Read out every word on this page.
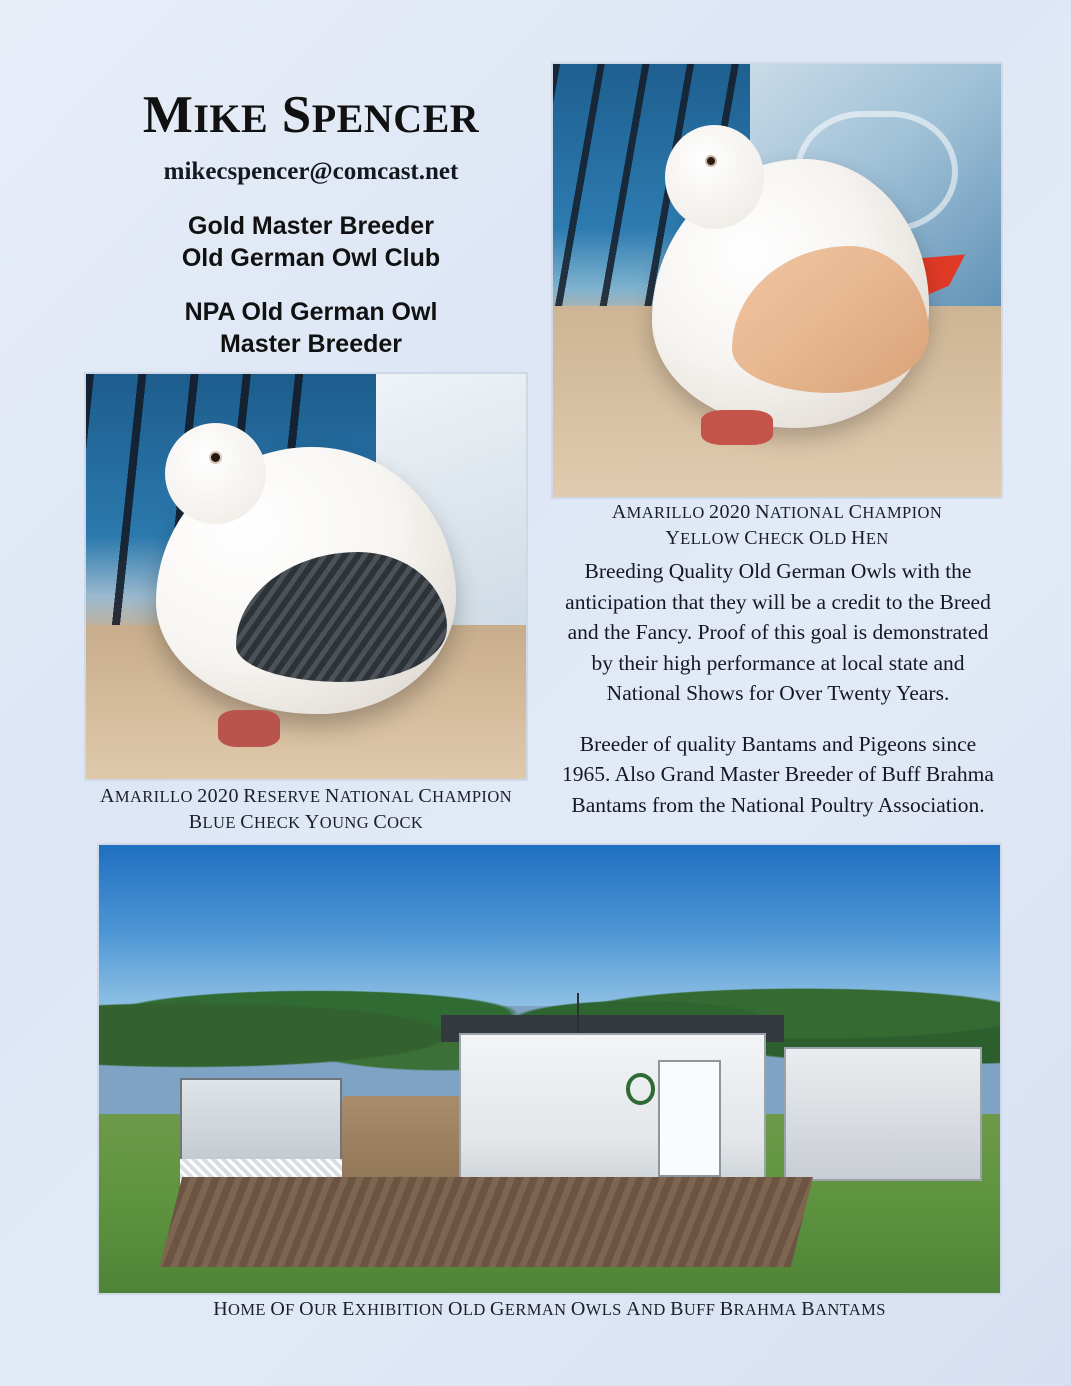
MIKE SPENCER
mikecspencer@comcast.net
Gold Master Breeder
Old German Owl Club
NPA Old German Owl
Master Breeder
AMARILLO 2020 NATIONAL CHAMPION
YELLOW CHECK OLD HEN

Breeding Quality Old German Owls with the anticipation that they will be a credit to the Breed and the Fancy. Proof of this goal is demonstrated by their high performance at local state and National Shows for Over Twenty Years.

Breeder of quality Bantams and Pigeons since 1965. Also Grand Master Breeder of Buff Brahma Bantams from the National Poultry Association.

AMARILLO 2020 RESERVE NATIONAL CHAMPION
BLUE CHECK YOUNG COCK
HOME OF OUR EXHIBITION OLD GERMAN OWLS AND BUFF BRAHMA BANTAMS
